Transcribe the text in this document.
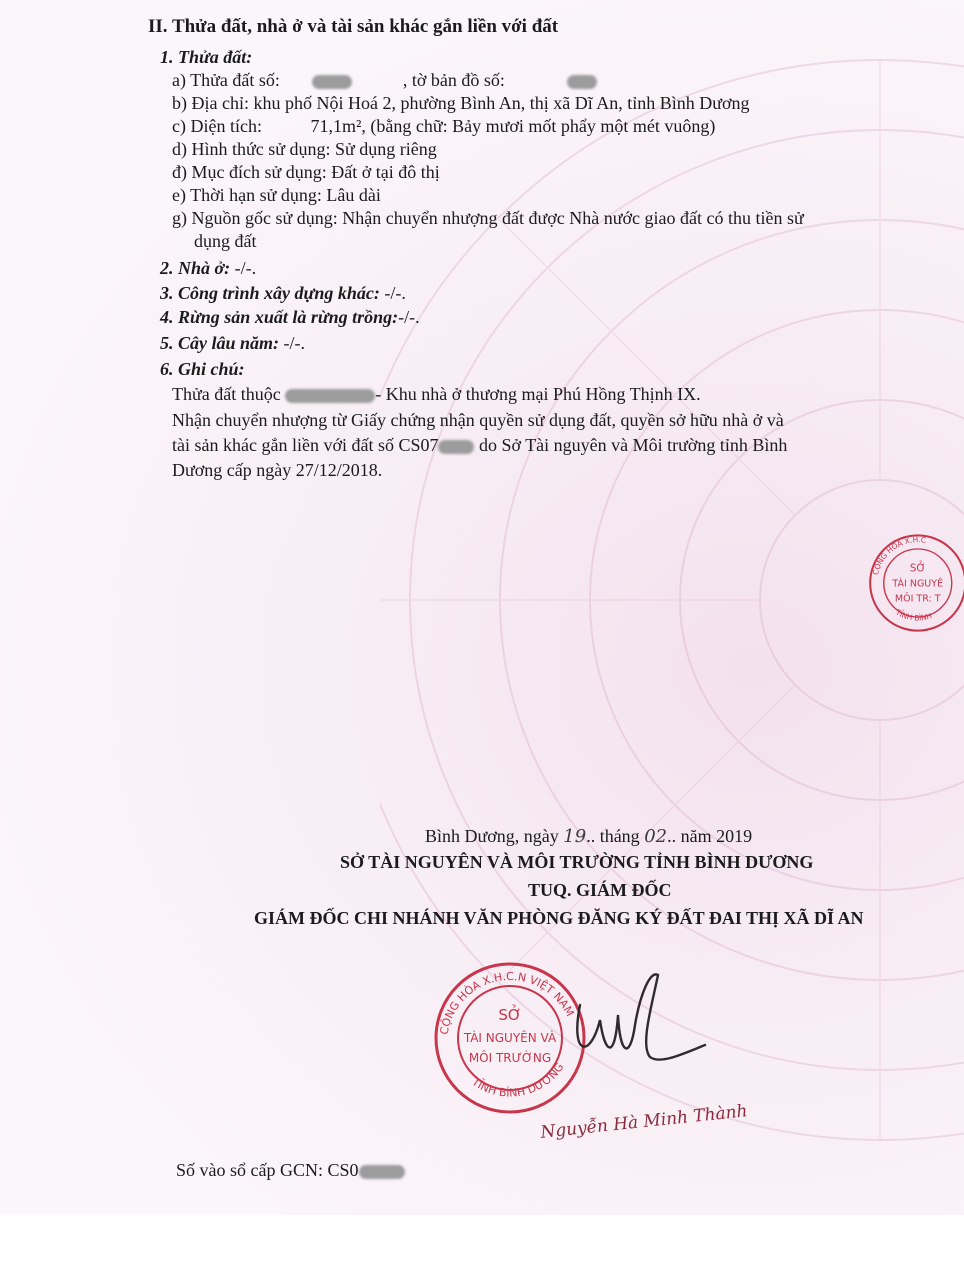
II. Thửa đất, nhà ở và tài sản khác gắn liền với đất
1. Thửa đất:
a) Thửa đất số:	, tờ bản đồ số:
b) Địa chỉ: khu phố Nội Hoá 2, phường Bình An, thị xã Dĩ An, tỉnh Bình Dương
c) Diện tích:	71,1m², (bằng chữ: Bảy mươi mốt phẩy một mét vuông)
d) Hình thức sử dụng: Sử dụng riêng
đ) Mục đích sử dụng: Đất ở tại đô thị
e) Thời hạn sử dụng: Lâu dài
g) Nguồn gốc sử dụng: Nhận chuyển nhượng đất được Nhà nước giao đất có thu tiền sử
dụng đất
2. Nhà ở: -/-.
3. Công trình xây dựng khác: -/-.
4. Rừng sản xuất là rừng trồng:-/-.
5. Cây lâu năm: -/-.
6. Ghi chú:
Thửa đất thuộc	- Khu nhà ở thương mại Phú Hồng Thịnh IX.
Nhận chuyển nhượng từ Giấy chứng nhận quyền sử dụng đất, quyền sở hữu nhà ở và
tài sản khác gắn liền với đất số CS07 do Sở Tài nguyên và Môi trường tỉnh Bình
Dương cấp ngày 27/12/2018.
SỞ
TÀI NGUYÊ
MÔI TR: T
CỘNG HÒA X.H.C
TỈNH BÌNH
Bình Dương, ngày 19.. tháng 02.. năm 2019
SỞ TÀI NGUYÊN VÀ MÔI TRƯỜNG TỈNH BÌNH DƯƠNG
TUQ. GIÁM ĐỐC
GIÁM ĐỐC CHI NHÁNH VĂN PHÒNG ĐĂNG KÝ ĐẤT ĐAI THỊ XÃ DĨ AN
CỘNG HÒA X.H.C.N VIỆT NAM
TỈNH BÌNH DƯƠNG
SỞ
TÀI NGUYÊN VÀ
MÔI TRƯỜNG
Nguyễn Hà Minh Thành
Số vào sổ cấp GCN: CS0
